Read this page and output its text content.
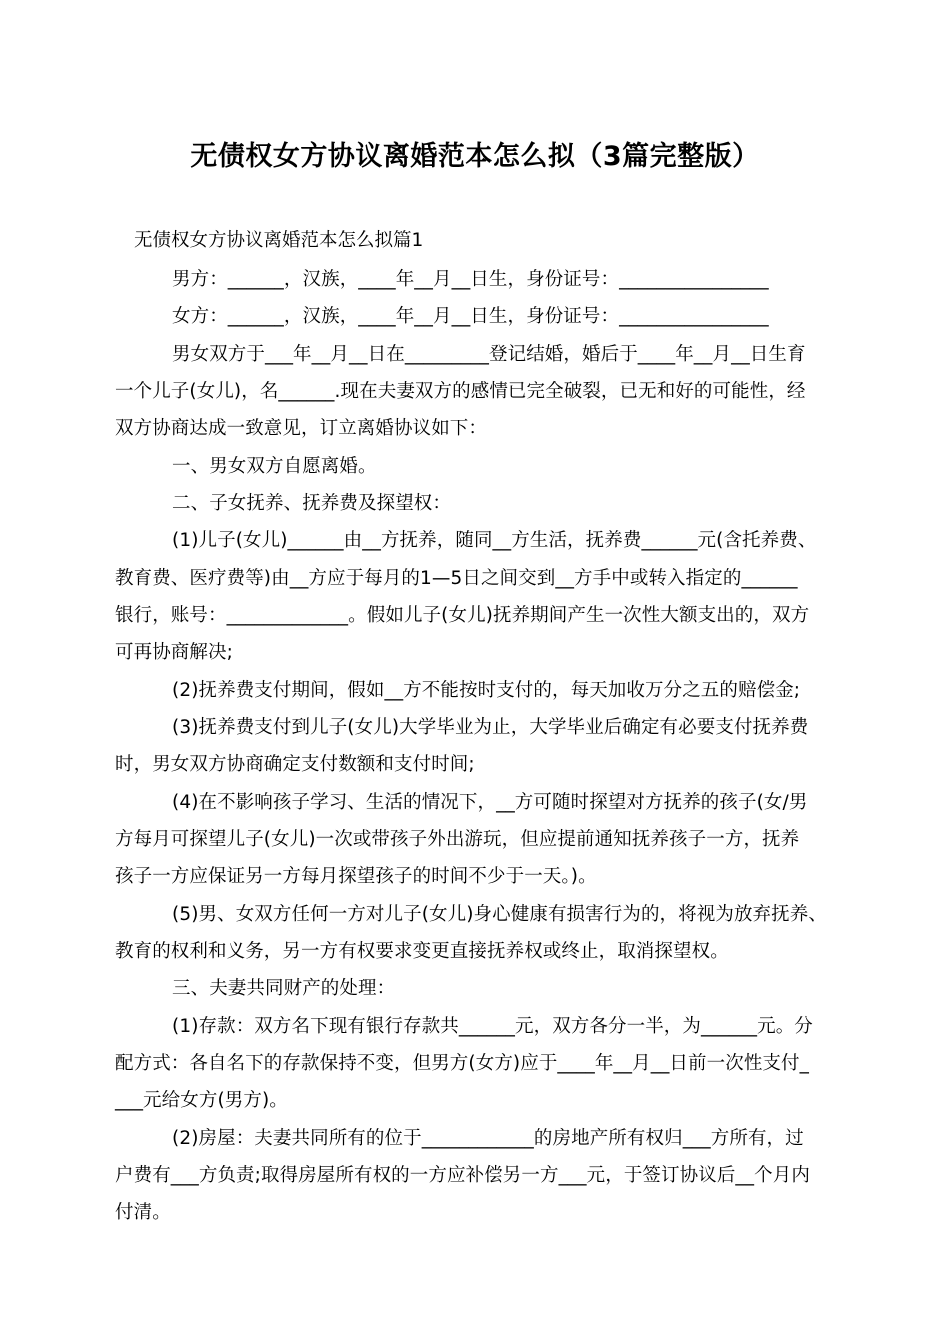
无债权女方协议离婚范本怎么拟（3篇完整版）
无债权女方协议离婚范本怎么拟篇1
男方：______，汉族，____年__月__日生，身份证号：________________
女方：______，汉族，____年__月__日生，身份证号：________________
男女双方于___年__月__日在_________登记结婚，婚后于____年__月__日生育
一个儿子(女儿)，名______.现在夫妻双方的感情已完全破裂，已无和好的可能性，经
双方协商达成一致意见，订立离婚协议如下：
一、男女双方自愿离婚。
二、子女抚养、抚养费及探望权：
(1)儿子(女儿)______由__方抚养，随同__方生活，抚养费______元(含托养费、
教育费、医疗费等)由__方应于每月的1—5日之间交到__方手中或转入指定的______
银行，账号：_____________。假如儿子(女儿)抚养期间产生一次性大额支出的，双方
可再协商解决;
(2)抚养费支付期间，假如__方不能按时支付的，每天加收万分之五的赔偿金;
(3)抚养费支付到儿子(女儿)大学毕业为止，大学毕业后确定有必要支付抚养费
时，男女双方协商确定支付数额和支付时间;
(4)在不影响孩子学习、生活的情况下，__方可随时探望对方抚养的孩子(女/男
方每月可探望儿子(女儿)一次或带孩子外出游玩，但应提前通知抚养孩子一方，抚养
孩子一方应保证另一方每月探望孩子的时间不少于一天。)。
(5)男、女双方任何一方对儿子(女儿)身心健康有损害行为的，将视为放弃抚养、
教育的权利和义务，另一方有权要求变更直接抚养权或终止，取消探望权。
三、夫妻共同财产的处理：
(1)存款：双方名下现有银行存款共______元，双方各分一半，为______元。分
配方式：各自名下的存款保持不变，但男方(女方)应于____年__月__日前一次性支付_
___元给女方(男方)。
(2)房屋：夫妻共同所有的位于____________的房地产所有权归___方所有，过
户费有___方负责;取得房屋所有权的一方应补偿另一方___元，于签订协议后__个月内
付清。
